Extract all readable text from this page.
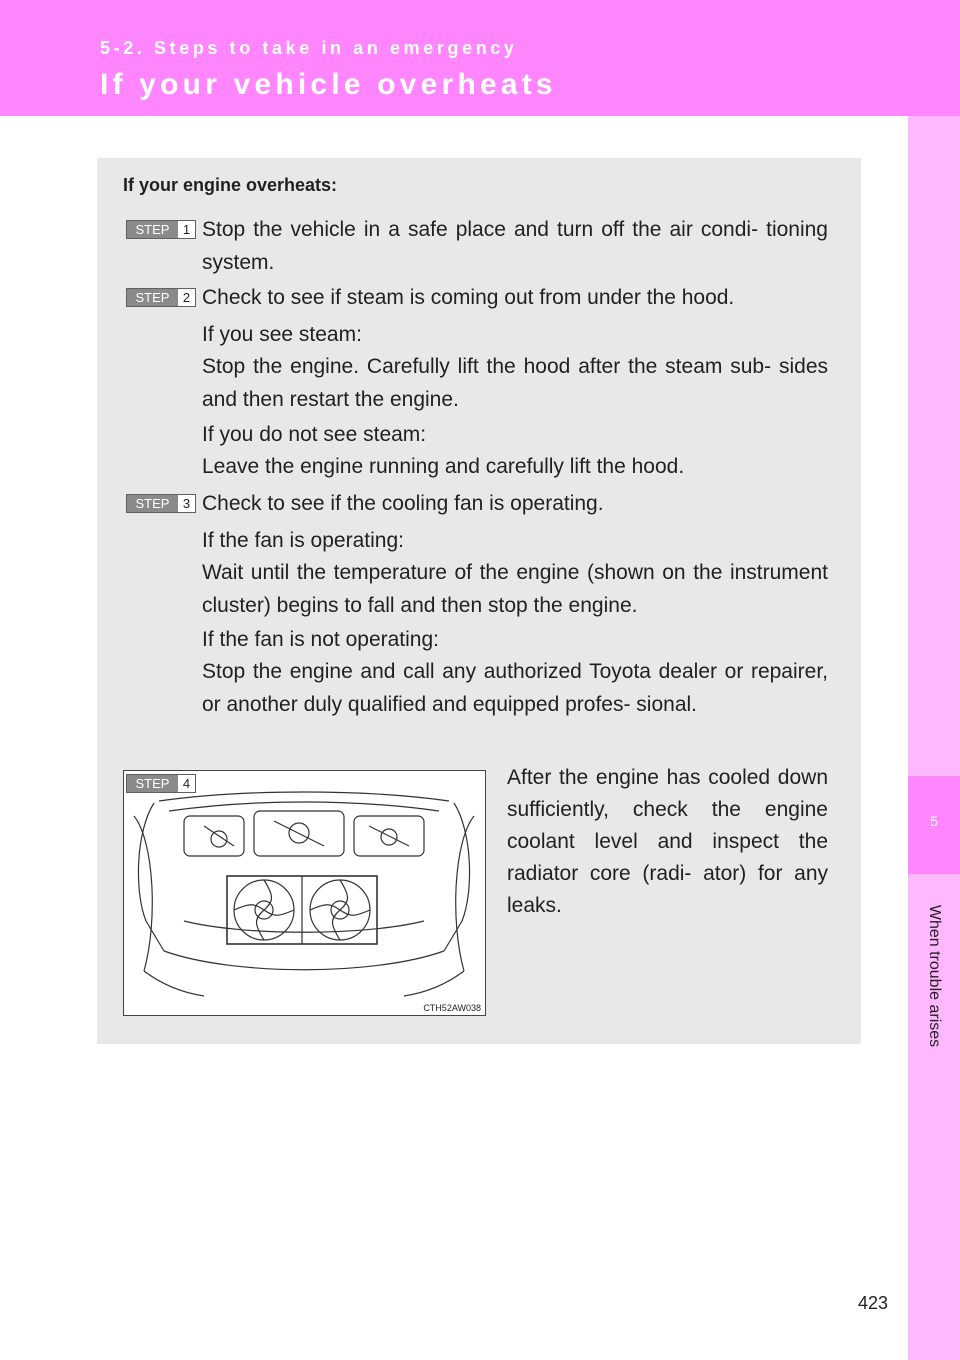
5-2. Steps to take in an emergency
If your vehicle overheats
5
When trouble arises
If your engine overheats:
STEP	1 Stop the vehicle in a safe place and turn off the air condi- tioning system.
STEP	2 Check to see if steam is coming out from under the hood.
If you see steam:
Stop the engine. Carefully lift the hood after the steam sub- sides and then restart the engine.
If you do not see steam:
Leave the engine running and carefully lift the hood.
STEP	3 Check to see if the cooling fan is operating.
If the fan is operating:
Wait until the temperature of the engine (shown on the instrument cluster) begins to fall and then stop the engine.
If the fan is not operating:
Stop the engine and call any authorized Toyota dealer or repairer, or another duly qualified and equipped profes- sional.
CTH52AW038
STEP	4	After the engine has cooled down sufficiently, check the engine coolant level and inspect the radiator core (radi- ator) for any leaks.
423
